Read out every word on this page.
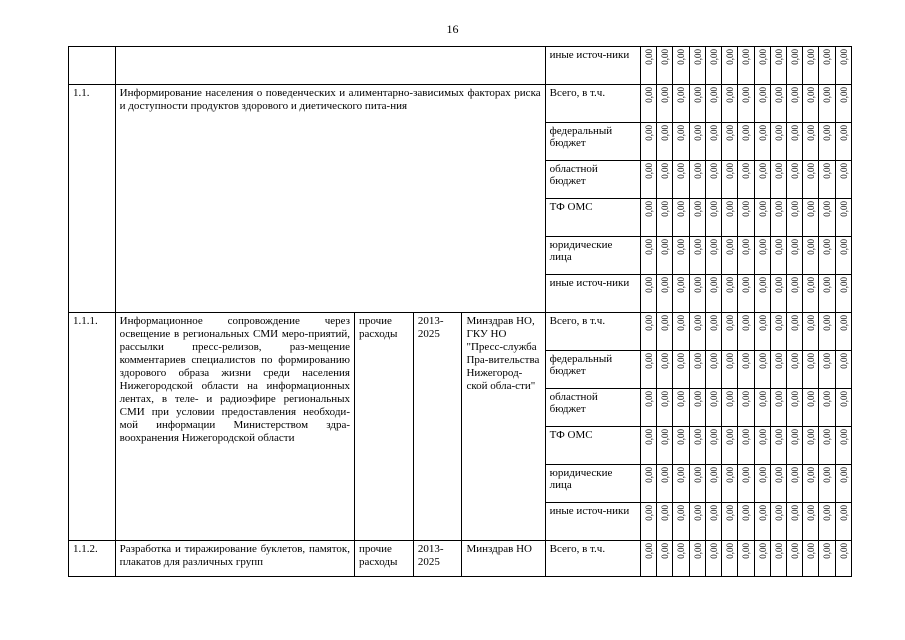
16
					иные источ-ники	0,00	0,00	0,00	0,00	0,00	0,00	0,00	0,00	0,00	0,00	0,00	0,00	0,00
1.1.	Информирование населения о поведенческих и алиментарно-зависимых факторах риска и доступности продуктов здорового и диетического пита-ния				Всего, в т.ч.	0,00	0,00	0,00	0,00	0,00	0,00	0,00	0,00	0,00	0,00	0,00	0,00	0,00
					федеральный бюджет	0,00	0,00	0,00	0,00	0,00	0,00	0,00	0,00	0,00	0,00	0,00	0,00	0,00
					областной бюджет	0,00	0,00	0,00	0,00	0,00	0,00	0,00	0,00	0,00	0,00	0,00	0,00	0,00
					ТФ ОМС	0,00	0,00	0,00	0,00	0,00	0,00	0,00	0,00	0,00	0,00	0,00	0,00	0,00
					юридические лица	0,00	0,00	0,00	0,00	0,00	0,00	0,00	0,00	0,00	0,00	0,00	0,00	0,00
					иные источ-ники	0,00	0,00	0,00	0,00	0,00	0,00	0,00	0,00	0,00	0,00	0,00	0,00	0,00
1.1.1.	Информационное сопровождение через освещение в региональных СМИ меро-приятий, рассылки пресс-релизов, раз-мещение комментариев специалистов по формированию здорового образа жизни среди населения Нижегородской области на информационных лентах, в теле- и радиоэфире региональных СМИ при условии предоставления необходи-мой информации Министерством здра-воохранения Нижегородской области	прочие расходы	2013-2025	Минздрав НО, ГКУ НО "Пресс-служба Пра-вительства Нижегород-ской обла-сти"	Всего, в т.ч.	0,00	0,00	0,00	0,00	0,00	0,00	0,00	0,00	0,00	0,00	0,00	0,00	0,00
					федеральный бюджет	0,00	0,00	0,00	0,00	0,00	0,00	0,00	0,00	0,00	0,00	0,00	0,00	0,00
					областной бюджет	0,00	0,00	0,00	0,00	0,00	0,00	0,00	0,00	0,00	0,00	0,00	0,00	0,00
					ТФ ОМС	0,00	0,00	0,00	0,00	0,00	0,00	0,00	0,00	0,00	0,00	0,00	0,00	0,00
					юридические лица	0,00	0,00	0,00	0,00	0,00	0,00	0,00	0,00	0,00	0,00	0,00	0,00	0,00
					иные источ-ники	0,00	0,00	0,00	0,00	0,00	0,00	0,00	0,00	0,00	0,00	0,00	0,00	0,00
1.1.2.	Разработка и тиражирование буклетов, памяток, плакатов для различных групп	прочие расходы	2013-2025	Минздрав НО	Всего, в т.ч.	0,00	0,00	0,00	0,00	0,00	0,00	0,00	0,00	0,00	0,00	0,00	0,00	0,00
